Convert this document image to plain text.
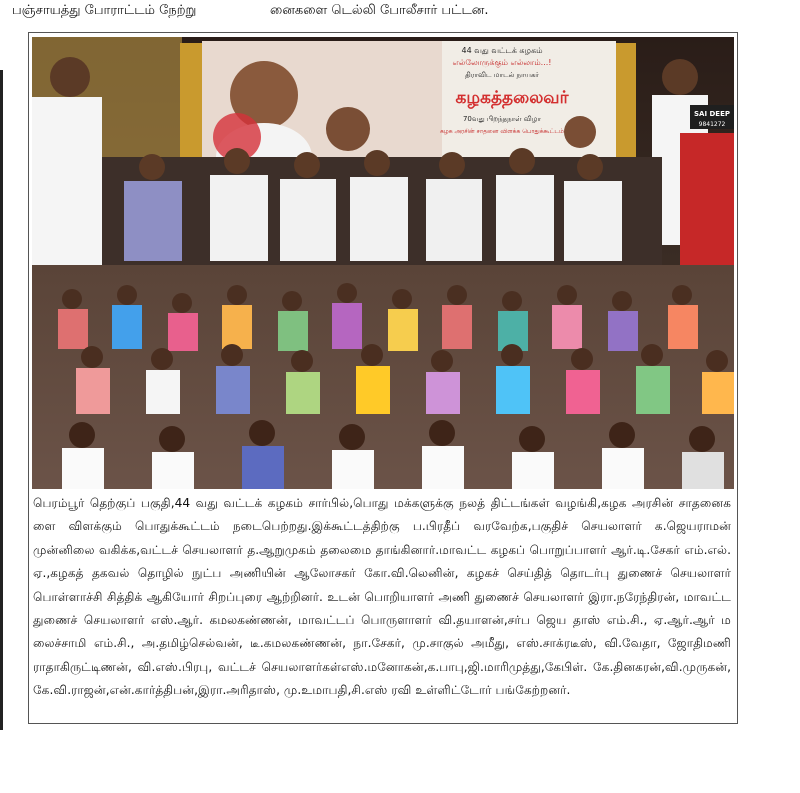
பஞ்சாயத்து போராட்டம் நேற்று	னைகளை டெல்லி போலீசார் பட்டன.
44 வது வட்டக் கழகம்
எல்லோருக்கும் எல்லாம்...!
திராவிட மாடல் நாயகர்
கழகத்தலைவர்
70வது பிறந்தநாள் விழா
கழக அரசின் சாதனை விளக்க பொதுக்கூட்டம்
SAI DEEP
9841272
பெரம்பூர் தெற்குப் பகுதி,44 வது வட்டக் கழகம் சார்பில்,பொது மக்களுக்கு நலத் திட்டங்கள் வழங்கி,கழக அரசின் சாதனைகளை விளக்கும் பொதுக்கூட்டம் நடைபெற்றது.இக்கூட்டத்திற்கு ப.பிரதீப் வரவேற்க,பகுதிச் செயலாளர் க.ஜெயராமன் முன்னிலை வகிக்க,வட்டச் செயலாளர் த.ஆறுமுகம் தலைமை தாங்கினார்.மாவட்ட கழகப் பொறுப்பாளர் ஆர்.டி.சேகர் எம்.எல்.ஏ.,கழகத் தகவல் தொழில் நுட்ப அணியின் ஆலோசகர் கோ.வி.லெனின், கழகச் செய்தித் தொடர்பு துணைச் செயலாளர் பொள்ளாச்சி சித்திக் ஆகியோர் சிறப்புரை ஆற்றினர். உடன் பொறியாளர் அணி துணைச் செயலாளர் இரா.நரேந்திரன், மாவட்ட துணைச் செயலாளர் எஸ்.ஆர். கமலகண்ணன், மாவட்டப் பொருளாளர் வி.தயாளன்,சர்ப ஜெய தாஸ் எம்.சி., ஏ.ஆர்.ஆர் மலைச்சாமி எம்.சி., அ.தமிழ்செல்வன், டீ.கமலகண்ணன், நா.சேகர், மு.சாகுல் அமீது, எஸ்.சாக்ரடீஸ், வி.வேதா, ஜோதிமணி ராதாகிருட்டிணன், வி.எஸ்.பிரபு, வட்டச் செயலாளர்கள்எஸ்.மனோகன்,க.பாபு,ஜி.மாரிமுத்து,கேபிள். கே.தினகரன்,வி.முருகன்,கே.வி.ராஜன்,என்.கார்த்திபன்,இரா.அரிதாஸ், மு.உமாபதி,சி.எஸ் ரவி உள்ளிட்டோர் பங்கேற்றனர்.
